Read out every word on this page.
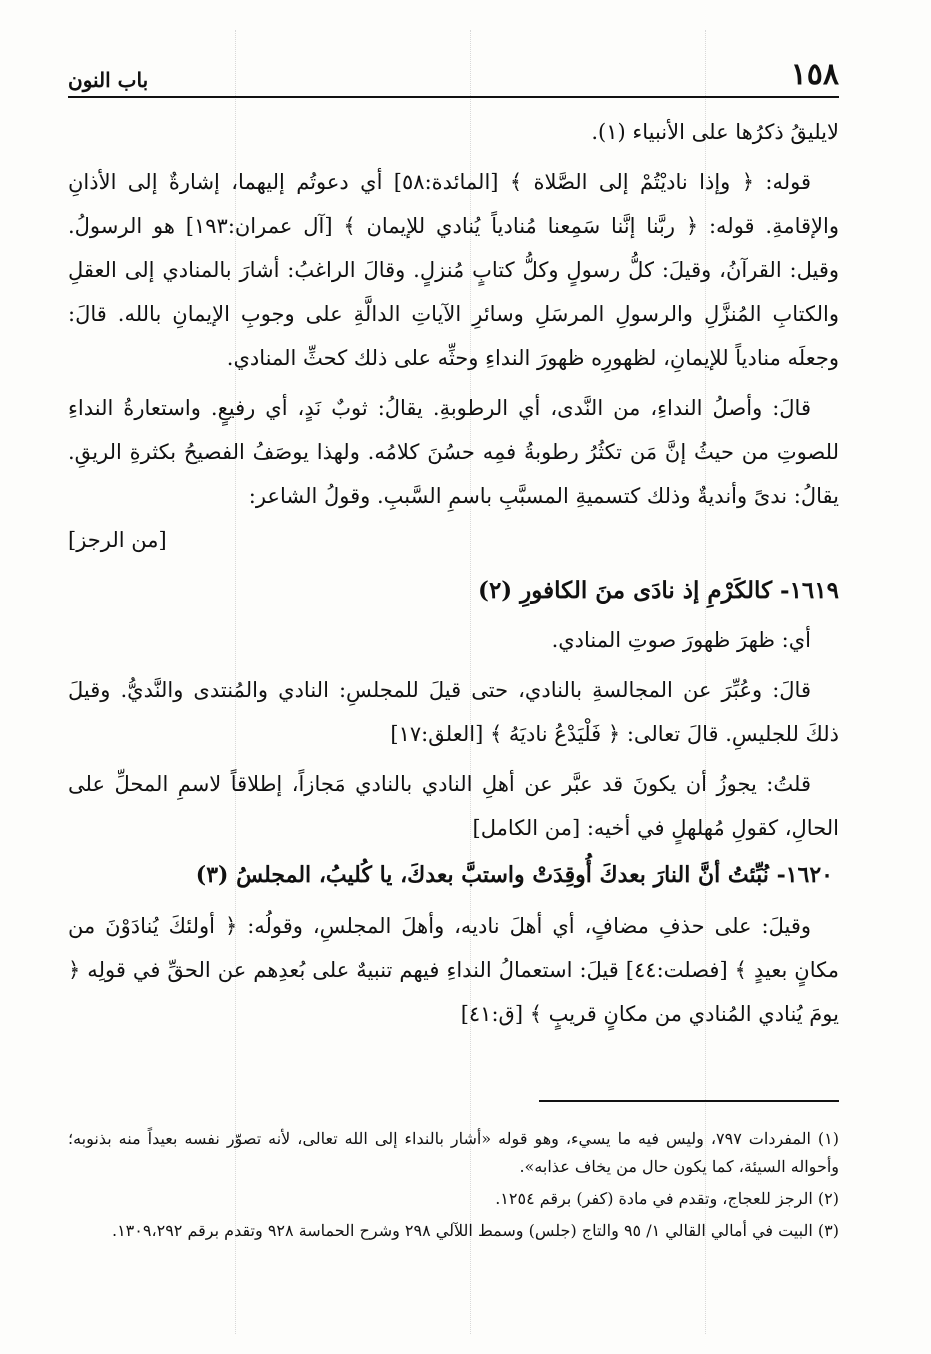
١٥٨
باب النون

لايليقُ ذكرُها على الأنبياء (١).

قوله: ﴿ وإذا ناديْتُمْ إلى الصَّلاة ﴾ [المائدة:٥٨] أي دعوتُم إليهما، إشارةٌ إلى الأذانِ والإقامةِ. قوله: ﴿ ربَّنا إنَّنا سَمِعنا مُنادياً يُنادي للإيمان ﴾ [آل عمران:١٩٣] هو الرسولُ. وقيل: القرآنُ، وقيلَ: كلُّ رسولٍ وكلُّ كتابٍ مُنزلٍ. وقالَ الراغبُ: أشارَ بالمنادي إلى العقلِ والكتابِ المُنزَّلِ والرسولِ المرسَلِ وسائرِ الآياتِ الدالَّةِ على وجوبِ الإيمانِ بالله. قالَ: وجعلَه منادياً للإيمانِ، لظهورِه ظهورَ النداءِ وحثِّه على ذلك كحثِّ المنادي.

قالَ: وأصلُ النداءِ، من النَّدى، أي الرطوبةِ. يقالُ: ثوبٌ نَدٍ، أي رفيعٍ. واستعارةُ النداءِ للصوتِ من حيثُ إنَّ مَن تكثُرُ رطوبةُ فمِه حسُنَ كلامُه. ولهذا يوصَفُ الفصيحُ بكثرةِ الريقِ. يقالُ: ندىً وأنديةٌ وذلك كتسميةِ المسبَّبِ باسمِ السَّببِ. وقولُ الشاعر:

[من الرجز]

١٦١٩- كالكَرْمِ إذ نادَى منَ الكافورِ (٢)

أي: ظهرَ ظهورَ صوتِ المنادي.

قالَ: وعُبِّرَ عن المجالسةِ بالنادي، حتى قيلَ للمجلسِ: النادي والمُنتدى والنَّديُّ. وقيلَ ذلكَ للجليسِ. قالَ تعالى: ﴿ فَلْيَدْعُ ناديَهُ ﴾ [العلق:١٧]

قلتُ: يجوزُ أن يكونَ قد عبَّر عن أهلِ النادي بالنادي مَجازاً، إطلاقاً لاسمِ المحلِّ على الحالِ، كقولِ مُهلهلٍ في أخيه: [من الكامل]

١٦٢٠- نُبِّئتُ أنَّ النارَ بعدكَ أُوقِدَتْ واستبَّ بعدكَ، يا كُليبُ، المجلسُ (٣)

وقيلَ: على حذفِ مضافٍ، أي أهلَ ناديه، وأهلَ المجلسِ، وقولُه: ﴿ أولئكَ يُنادَوْنَ من مكانٍ بعيدٍ ﴾ [فصلت:٤٤] قيلَ: استعمالُ النداءِ فيهم تنبيهٌ على بُعدِهم عن الحقِّ في قولِه ﴿ يومَ يُنادي المُنادي من مكانٍ قريبٍ ﴾ [ق:٤١]

(١) المفردات ٧٩٧، وليس فيه ما يسيء، وهو قوله «أشار بالنداء إلى الله تعالى، لأنه تصوّر نفسه بعيداً منه بذنوبه؛ وأحواله السيئة، كما يكون حال من يخاف عذابه».

(٢) الرجز للعجاج، وتقدم في مادة (كفر) برقم ١٢٥٤.

(٣) البيت في أمالي القالي ١/ ٩٥ والتاج (جلس) وسمط اللآلي ٢٩٨ وشرح الحماسة ٩٢٨ وتقدم برقم ١٣٠٩،٢٩٢.
